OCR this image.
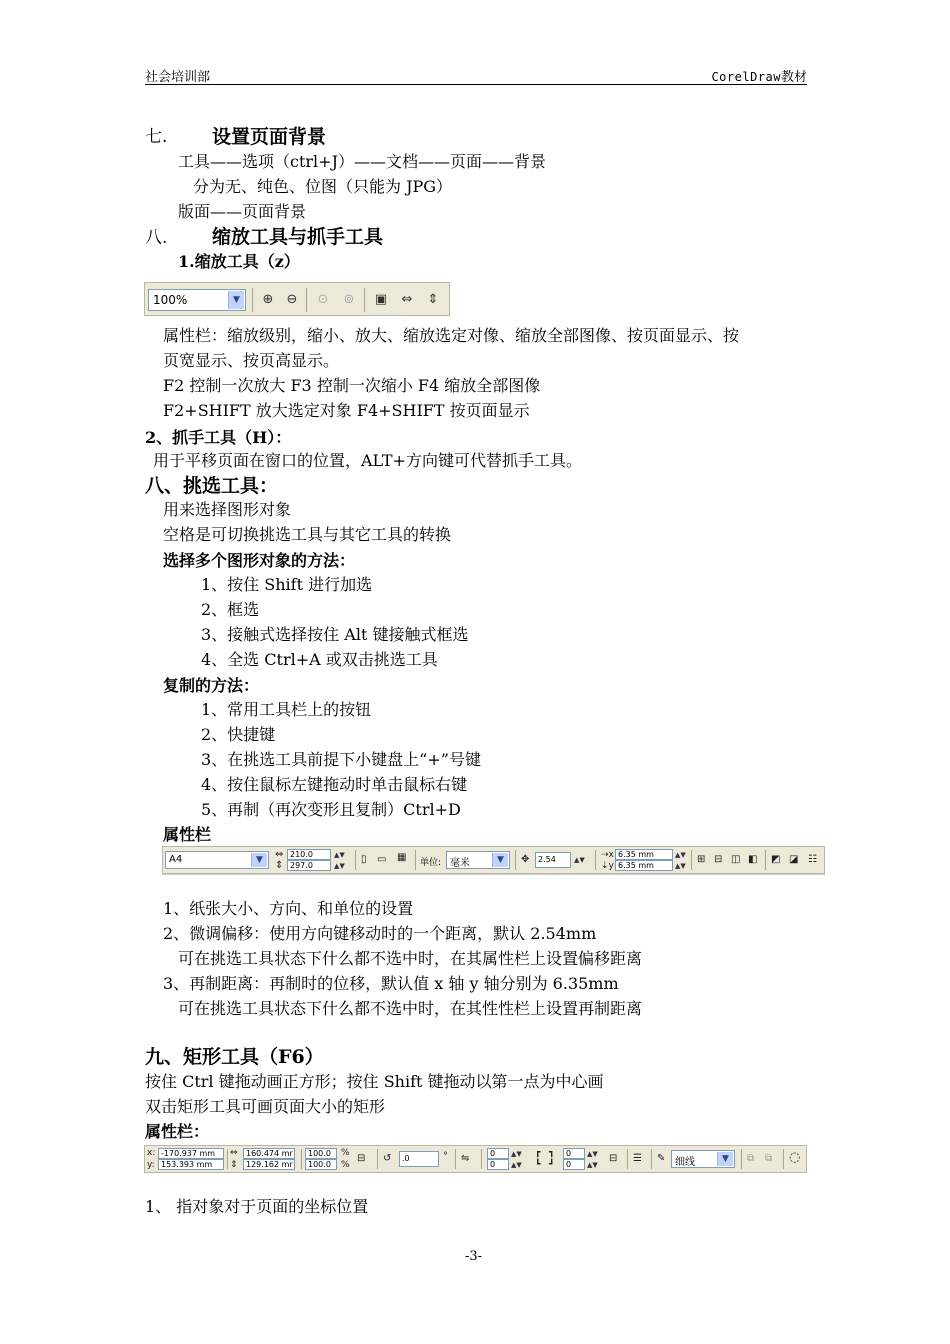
社会培训部	CorelDraw教材
七. 设置页面背景
工具——选项（ctrl+J）——文档——页面——背景
分为无、纯色、位图（只能为 JPG）
版面——页面背景
八. 缩放工具与抓手工具
1.缩放工具（z）
100%	▼	⊕	⊖	⊙	⊚	▣	⇔	⇕
属性栏：缩放级别，缩小、放大、缩放选定对像、缩放全部图像、按页面显示、按
页宽显示、按页高显示。
F2 控制一次放大 F3 控制一次缩小 F4 缩放全部图像
F2+SHIFT 放大选定对象 F4+SHIFT 按页面显示
2、抓手工具（H）：
用于平移页面在窗口的位置，ALT+方向键可代替抓手工具。
八、挑选工具：
用来选择图形对象
空格是可切换挑选工具与其它工具的转换
选择多个图形对象的方法：
1、按住 Shift 进行加选
2、框选
3、接触式选择按住 Alt 键接触式框选
4、全选 Ctrl+A 或双击挑选工具
复制的方法：
1、常用工具栏上的按钮
2、快捷键
3、在挑选工具前提下小键盘上“+”号键
4、按住鼠标左键拖动时单击鼠标右键
5、再制（再次变形且复制）Ctrl+D
属性栏
A4	▼	⇔
⇕
210.0
297.0
▲▼
▲▼
▯ ▭ ▦ 单位: 毫米	▼	✥	2.54	▲▼ ⇢x
⇣y
6.35 mm
6.35 mm
▲▼
▲▼
⊞ ⊟ ◫ ◧ ◩ ◪ ☷
1、纸张大小、方向、和单位的设置
2、微调偏移：使用方向键移动时的一个距离，默认 2.54mm
可在挑选工具状态下什么都不选中时，在其属性栏上设置偏移距离
3、再制距离：再制时的位移，默认值 x 轴 y 轴分别为 6.35mm
可在挑选工具状态下什么都不选中时，在其性性栏上设置再制距离
九、矩形工具（F6）
按住 Ctrl 键拖动画正方形；按住 Shift 键拖动以第一点为中心画
双击矩形工具可画页面大小的矩形
属性栏：
x:
y:
-170.937 mm
153.393 mm
⇔
⇕
160.474 mr
129.162 mr
100.0
100.0
%
%
⊟ ↺	.0	° ⇋	0
0
▲▼
▲▼
┏
┗
┓
┛
0
0
▲▼
▲▼
⊟ ☰ ✎ 细线	▼	⧉ ⧉ ◌
1、 指对象对于页面的坐标位置
-3-
